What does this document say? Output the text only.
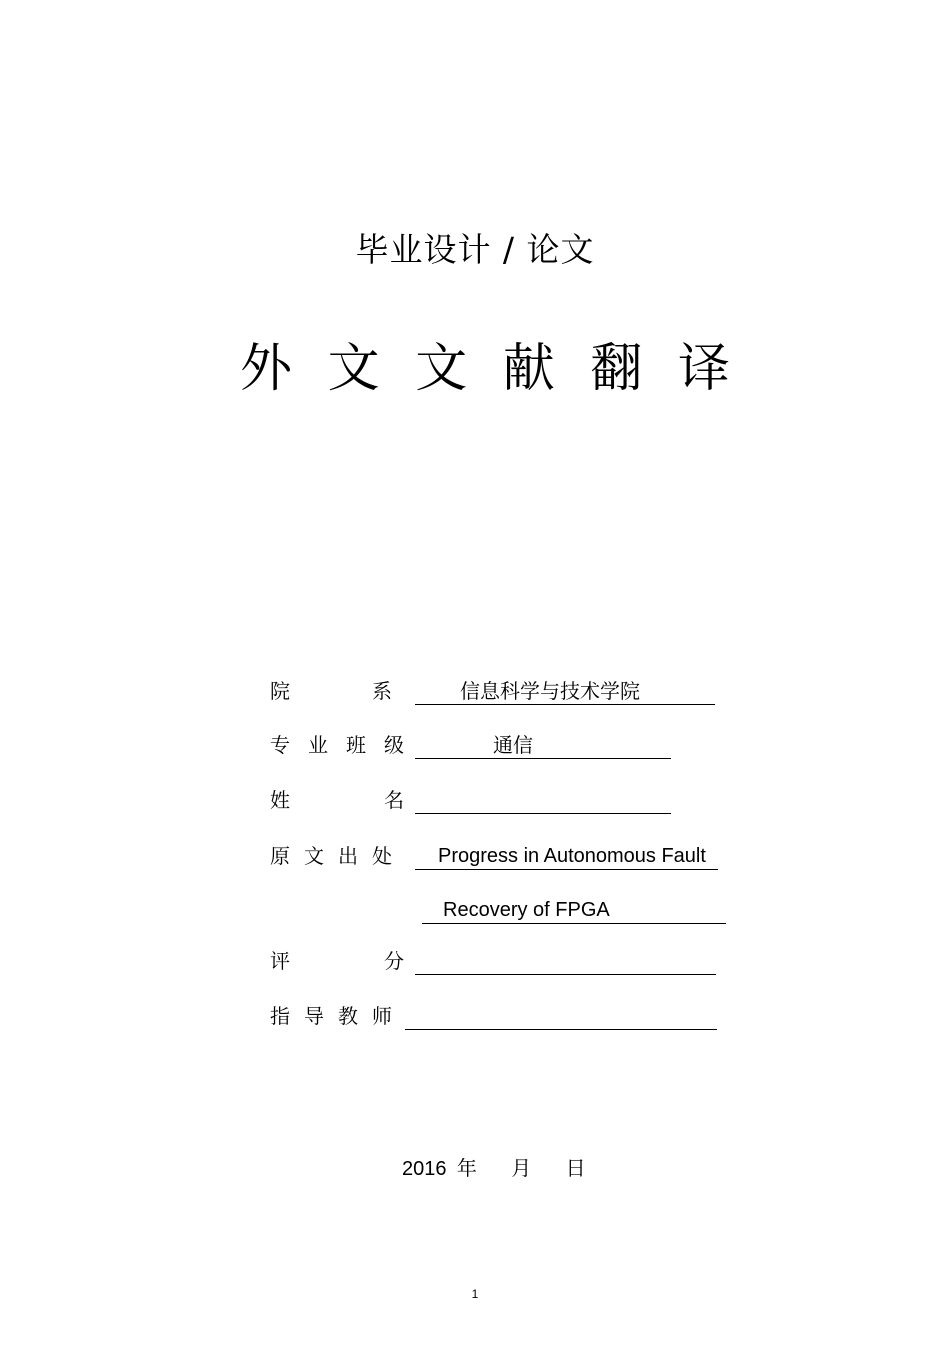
毕业设计 / 论文
外 文 文 献 翻 译
院	系	信息科学与技术学院
专 业 班 级	通信
姓	名
原 文 出 处 Progress in Autonomous Fault
Recovery of FPGA
评	分
指 导 教 师
2016 年 月 日
1
